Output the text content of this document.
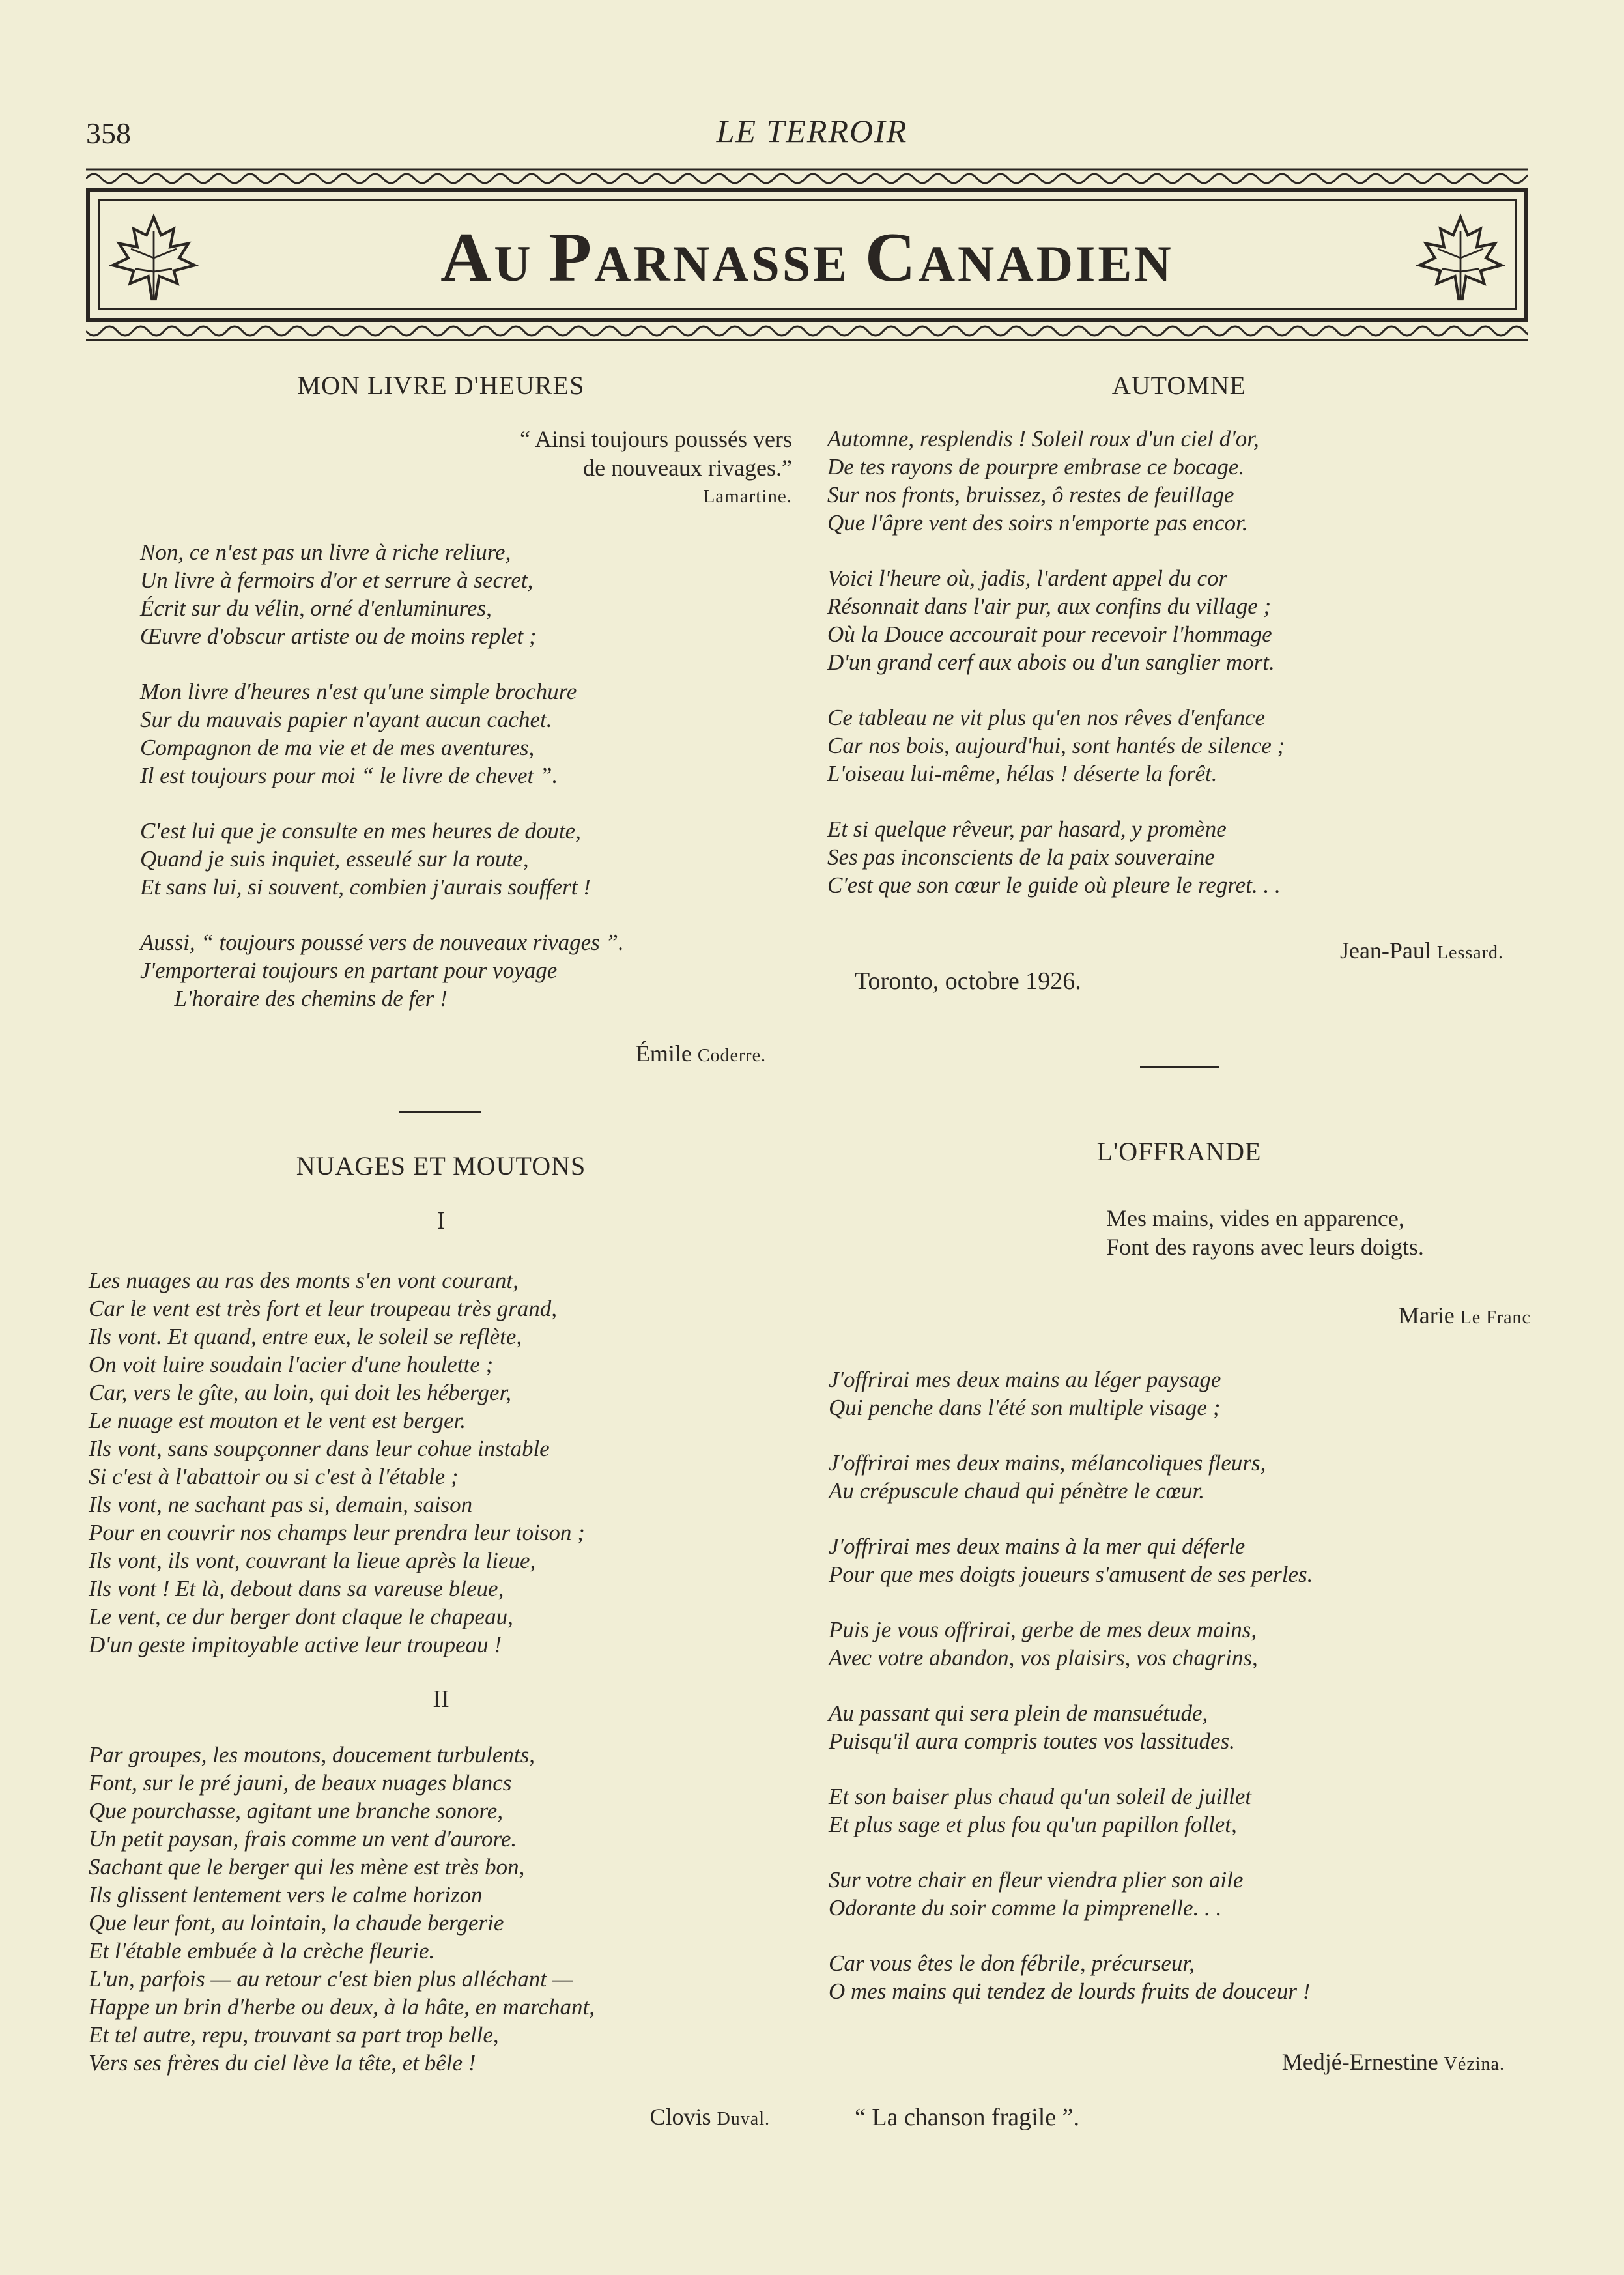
358	LE TERROIR
AU PARNASSE CANADIEN
MON LIVRE D'HEURES
“ Ainsi toujours poussés vers
de nouveaux rivages.”
Lamartine.
Non, ce n'est pas un livre à riche reliure,
Un livre à fermoirs d'or et serrure à secret,
Écrit sur du vélin, orné d'enluminures,
Œuvre d'obscur artiste ou de moins replet ;
Mon livre d'heures n'est qu'une simple brochure
Sur du mauvais papier n'ayant aucun cachet.
Compagnon de ma vie et de mes aventures,
Il est toujours pour moi “ le livre de chevet ”.
C'est lui que je consulte en mes heures de doute,
Quand je suis inquiet, esseulé sur la route,
Et sans lui, si souvent, combien j'aurais souffert !
Aussi, “ toujours poussé vers de nouveaux rivages ”.
J'emporterai toujours en partant pour voyage
L'horaire des chemins de fer !
Émile Coderre.
NUAGES ET MOUTONS
I
Les nuages au ras des monts s'en vont courant,
Car le vent est très fort et leur troupeau très grand,
Ils vont. Et quand, entre eux, le soleil se reflète,
On voit luire soudain l'acier d'une houlette ;
Car, vers le gîte, au loin, qui doit les héberger,
Le nuage est mouton et le vent est berger.
Ils vont, sans soupçonner dans leur cohue instable
Si c'est à l'abattoir ou si c'est à l'étable ;
Ils vont, ne sachant pas si, demain, saison
Pour en couvrir nos champs leur prendra leur toison ;
Ils vont, ils vont, couvrant la lieue après la lieue,
Ils vont ! Et là, debout dans sa vareuse bleue,
Le vent, ce dur berger dont claque le chapeau,
D'un geste impitoyable active leur troupeau !
II
Par groupes, les moutons, doucement turbulents,
Font, sur le pré jauni, de beaux nuages blancs
Que pourchasse, agitant une branche sonore,
Un petit paysan, frais comme un vent d'aurore.
Sachant que le berger qui les mène est très bon,
Ils glissent lentement vers le calme horizon
Que leur font, au lointain, la chaude bergerie
Et l'étable embuée à la crèche fleurie.
L'un, parfois — au retour c'est bien plus alléchant —
Happe un brin d'herbe ou deux, à la hâte, en marchant,
Et tel autre, repu, trouvant sa part trop belle,
Vers ses frères du ciel lève la tête, et bêle !
Clovis Duval.
AUTOMNE
Automne, resplendis ! Soleil roux d'un ciel d'or,
De tes rayons de pourpre embrase ce bocage.
Sur nos fronts, bruissez, ô restes de feuillage
Que l'âpre vent des soirs n'emporte pas encor.
Voici l'heure où, jadis, l'ardent appel du cor
Résonnait dans l'air pur, aux confins du village ;
Où la Douce accourait pour recevoir l'hommage
D'un grand cerf aux abois ou d'un sanglier mort.
Ce tableau ne vit plus qu'en nos rêves d'enfance
Car nos bois, aujourd'hui, sont hantés de silence ;
L'oiseau lui-même, hélas ! déserte la forêt.
Et si quelque rêveur, par hasard, y promène
Ses pas inconscients de la paix souveraine
C'est que son cœur le guide où pleure le regret. . .
Jean-Paul Lessard.
Toronto, octobre 1926.
L'OFFRANDE
Mes mains, vides en apparence,
Font des rayons avec leurs doigts.
Marie Le Franc
J'offrirai mes deux mains au léger paysage
Qui penche dans l'été son multiple visage ;
J'offrirai mes deux mains, mélancoliques fleurs,
Au crépuscule chaud qui pénètre le cœur.
J'offrirai mes deux mains à la mer qui déferle
Pour que mes doigts joueurs s'amusent de ses perles.
Puis je vous offrirai, gerbe de mes deux mains,
Avec votre abandon, vos plaisirs, vos chagrins,
Au passant qui sera plein de mansuétude,
Puisqu'il aura compris toutes vos lassitudes.
Et son baiser plus chaud qu'un soleil de juillet
Et plus sage et plus fou qu'un papillon follet,
Sur votre chair en fleur viendra plier son aile
Odorante du soir comme la pimprenelle. . .
Car vous êtes le don fébrile, précurseur,
O mes mains qui tendez de lourds fruits de douceur !
Medjé-Ernestine Vézina.
“ La chanson fragile ”.
